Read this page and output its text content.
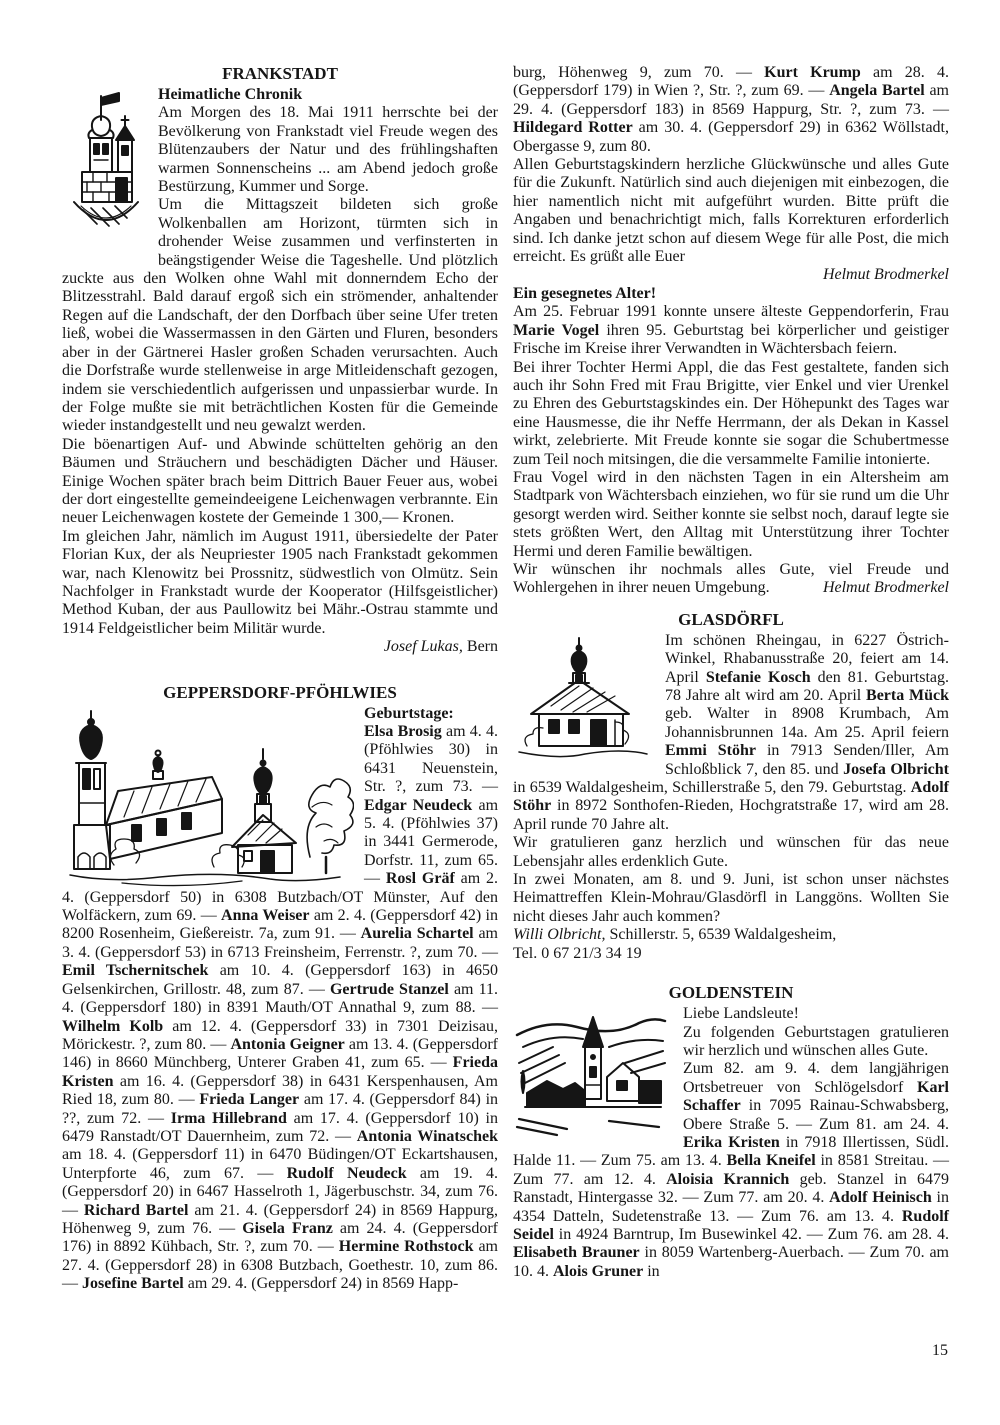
FRANKSTADT

Heimatliche Chronik

Am Morgen des 18. Mai 1911 herrschte bei der Bevölkerung von Frankstadt viel Freude wegen des Blütenzaubers der Natur und des frühlingshaften warmen Sonnenscheins ... am Abend jedoch große Bestürzung, Kummer und Sorge.

Um die Mittagszeit bildeten sich große Wolkenballen am Horizont, türmten sich in drohender Weise zusammen und verfinsterten in beängstigender Weise die Tageshelle. Und plötzlich zuckte aus den Wolken ohne Wahl mit donnerndem Echo der Blitzesstrahl. Bald darauf ergoß sich ein strömender, anhaltender Regen auf die Landschaft, der den Dorfbach über seine Ufer treten ließ, wobei die Wassermassen in den Gärten und Fluren, besonders aber in der Gärtnerei Hasler großen Schaden verursachten. Auch die Dorfstraße wurde stellenweise in arge Mitleidenschaft gezogen, indem sie verschiedentlich aufgerissen und unpassierbar wurde. In der Folge mußte sie mit beträchtlichen Kosten für die Gemeinde wieder instandgestellt und neu gewalzt werden.

Die böenartigen Auf- und Abwinde schüttelten gehörig an den Bäumen und Sträuchern und beschädigten Dächer und Häuser. Einige Wochen später brach beim Dittrich Bauer Feuer aus, wobei der dort eingestellte gemeindeeigene Leichenwagen verbrannte. Ein neuer Leichenwagen kostete der Gemeinde 1 300,— Kronen.

Im gleichen Jahr, nämlich im August 1911, übersiedelte der Pater Florian Kux, der als Neupriester 1905 nach Frankstadt gekommen war, nach Klenowitz bei Prossnitz, südwestlich von Olmütz. Sein Nachfolger in Frankstadt wurde der Kooperator (Hilfsgeistlicher) Method Kuban, der aus Paullowitz bei Mähr.-Ostrau stammte und 1914 Feldgeistlicher beim Militär wurde.

Josef Lukas, Bern

GEPPERSDORF-PFÖHLWIES

Geburtstage:

Elsa Brosig am 4. 4. (Pföhlwies 30) in 6431 Neuenstein, Str. ?, zum 73. — Edgar Neudeck am 5. 4. (Pföhlwies 37) in 3441 Germerode, Dorfstr. 11, zum 65. — Rosl Gräf am 2. 4. (Geppersdorf 50) in 6308 Butzbach/OT Münster, Auf den Wolfäckern, zum 69. — Anna Weiser am 2. 4. (Geppersdorf 42) in 8200 Rosenheim, Gießereistr. 7a, zum 91. — Aurelia Schartel am 3. 4. (Geppersdorf 53) in 6713 Freinsheim, Ferrenstr. ?, zum 70. — Emil Tschernitschek am 10. 4. (Geppersdorf 163) in 4650 Gelsenkirchen, Grillostr. 48, zum 87. — Gertrude Stanzel am 11. 4. (Geppersdorf 180) in 8391 Mauth/OT Annathal 9, zum 88. — Wilhelm Kolb am 12. 4. (Geppersdorf 33) in 7301 Deizisau, Mörickestr. ?, zum 80. — Antonia Geigner am 13. 4. (Geppersdorf 146) in 8660 Münchberg, Unterer Graben 41, zum 65. — Frieda Kristen am 16. 4. (Geppersdorf 38) in 6431 Kerspenhausen, Am Ried 18, zum 80. — Frieda Langer am 17. 4. (Geppersdorf 84) in ??, zum 72. — Irma Hillebrand am 17. 4. (Geppersdorf 10) in 6479 Ranstadt/OT Dauernheim, zum 72. — Antonia Winatschek am 18. 4. (Geppersdorf 11) in 6470 Büdingen/OT Eckartshausen, Unterpforte 46, zum 67. — Rudolf Neudeck am 19. 4. (Geppersdorf 20) in 6467 Hasselroth 1, Jägerbuschstr. 34, zum 76. — Richard Bartel am 21. 4. (Geppersdorf 24) in 8569 Happurg, Höhenweg 9, zum 76. — Gisela Franz am 24. 4. (Geppersdorf 176) in 8892 Kühbach, Str. ?, zum 70. — Hermine Rothstock am 27. 4. (Geppersdorf 28) in 6308 Butzbach, Goethestr. 10, zum 86. — Josefine Bartel am 29. 4. (Geppersdorf 24) in 8569 Happ-

burg, Höhenweg 9, zum 70. — Kurt Krump am 28. 4. (Geppersdorf 179) in Wien ?, Str. ?, zum 69. — Angela Bartel am 29. 4. (Geppersdorf 183) in 8569 Happurg, Str. ?, zum 73. — Hildegard Rotter am 30. 4. (Geppersdorf 29) in 6362 Wöllstadt, Obergasse 9, zum 80.

Allen Geburtstagskindern herzliche Glückwünsche und alles Gute für die Zukunft. Natürlich sind auch diejenigen mit einbezogen, die hier namentlich nicht mit aufgeführt wurden. Bitte prüft die Angaben und benachrichtigt mich, falls Korrekturen erforderlich sind. Ich danke jetzt schon auf diesem Wege für alle Post, die mich erreicht. Es grüßt alle Euer

Helmut Brodmerkel

Ein gesegnetes Alter!

Am 25. Februar 1991 konnte unsere älteste Geppendorferin, Frau Marie Vogel ihren 95. Geburtstag bei körperlicher und geistiger Frische im Kreise ihrer Verwandten in Wächtersbach feiern.

Bei ihrer Tochter Hermi Appl, die das Fest gestaltete, fanden sich auch ihr Sohn Fred mit Frau Brigitte, vier Enkel und vier Urenkel zu Ehren des Geburtstagskindes ein. Der Höhepunkt des Tages war eine Hausmesse, die ihr Neffe Herrmann, der als Dekan in Kassel wirkt, zelebrierte. Mit Freude konnte sie sogar die Schubertmesse zum Teil noch mitsingen, die die versammelte Familie intonierte.

Frau Vogel wird in den nächsten Tagen in ein Altersheim am Stadtpark von Wächtersbach einziehen, wo für sie rund um die Uhr gesorgt werden wird. Seither konnte sie selbst noch, darauf legte sie stets größten Wert, den Alltag mit Unterstützung ihrer Tochter Hermi und deren Familie bewältigen.

Wir wünschen ihr nochmals alles Gute, viel Freude und Wohlergehen in ihrer neuen Umgebung.	Helmut Brodmerkel

GLASDÖRFL

Im schönen Rheingau, in 6227 Östrich-Winkel, Rhabanusstraße 20, feiert am 14. April Stefanie Kosch den 81. Geburtstag. 78 Jahre alt wird am 20. April Berta Mück geb. Walter in 8908 Krumbach, Am Johannisbrunnen 14a. Am 25. April feiern Emmi Stöhr in 7913 Senden/Iller, Am Schloßblick 7, den 85. und Josefa Olbricht in 6539 Waldalgesheim, Schillerstraße 5, den 79. Geburtstag. Adolf Stöhr in 8972 Sonthofen-Rieden, Hochgratstraße 17, wird am 28. April runde 70 Jahre alt.

Wir gratulieren ganz herzlich und wünschen für das neue Lebensjahr alles erdenklich Gute.

In zwei Monaten, am 8. und 9. Juni, ist schon unser nächstes Heimattreffen Klein-Mohrau/Glasdörfl in Langgöns. Wollten Sie nicht dieses Jahr auch kommen?

Willi Olbricht, Schillerstr. 5, 6539 Waldalgesheim,

Tel. 0 67 21/3 34 19

GOLDENSTEIN

Liebe Landsleute!

Zu folgenden Geburtstagen gratulieren wir herzlich und wünschen alles Gute.

Zum 82. am 9. 4. dem langjährigen Ortsbetreuer von Schlögelsdorf Karl Schaffer in 7095 Rainau-Schwabsberg, Obere Straße 5. — Zum 81. am 24. 4. Erika Kristen in 7918 Illertissen, Südl. Halde 11. — Zum 75. am 13. 4. Bella Kneifel in 8581 Streitau. — Zum 77. am 12. 4. Aloisia Krannich geb. Stanzel in 6479 Ranstadt, Hintergasse 32. — Zum 77. am 20. 4. Adolf Heinisch in 4354 Datteln, Sudetenstraße 13. — Zum 76. am 13. 4. Rudolf Seidel in 4924 Barntrup, Im Busewinkel 42. — Zum 76. am 28. 4. Elisabeth Brauner in 8059 Wartenberg-Auerbach. — Zum 70. am 10. 4. Alois Gruner in

15
